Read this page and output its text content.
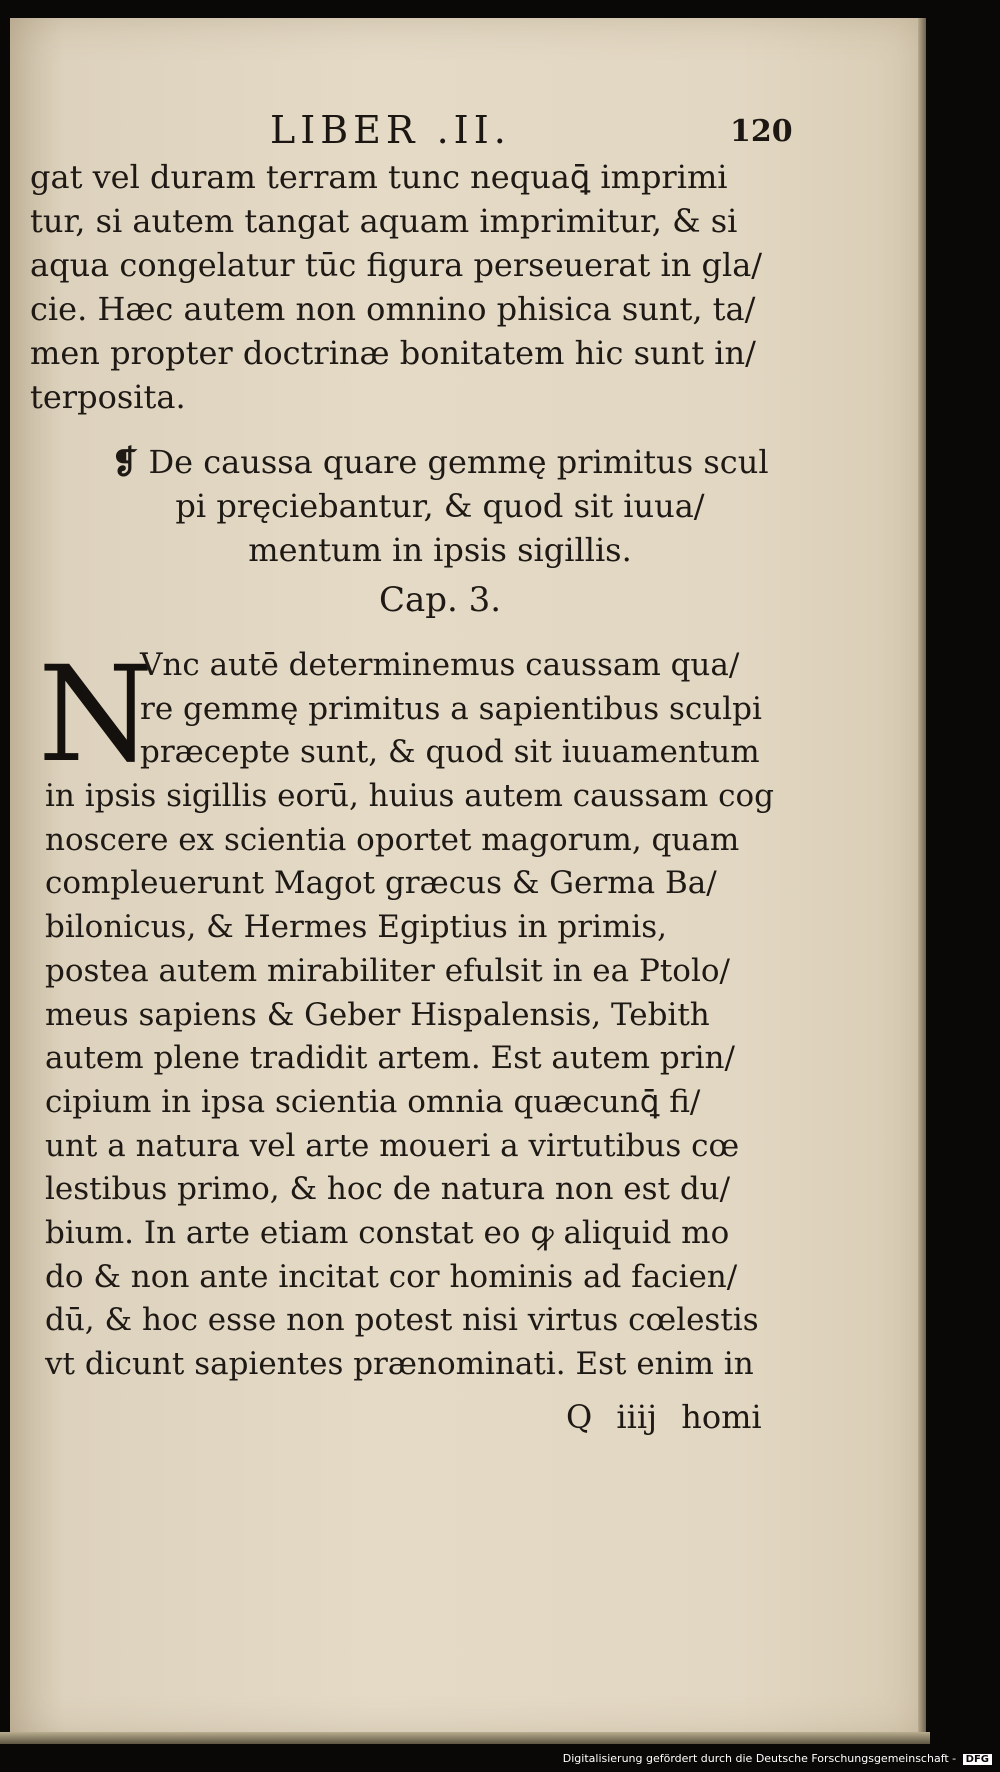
LIBER .II.	120
gat vel duram terram tunc nequaꝗ̄ imprimi
tur, si autem tangat aquam imprimitur, & si
aqua congelatur tūc figura perseuerat in gla/
cie. Hæc autem non omnino phisica sunt, ta/
men propter doctrinæ bonitatem hic sunt in/
terposita.
❡ De caussa quare gemmę primitus scul
pi pręciebantur, & quod sit iuua/
mentum in ipsis sigillis.
Cap. 3.
N
Vnc autē determinemus caussam qua/
re gemmę primitus a sapientibus sculpi
præcepte sunt, & quod sit iuuamentum
in ipsis sigillis eorū, huius autem caussam cog
noscere ex scientia oportet magorum, quam
compleuerunt Magot græcus & Germa Ba/
bilonicus, & Hermes Egiptius in primis,
postea autem mirabiliter efulsit in ea Ptolo/
meus sapiens & Geber Hispalensis, Tebith
autem plene tradidit artem. Est autem prin/
cipium in ipsa scientia omnia quæcunꝗ̄ fi/
unt a natura vel arte moueri a virtutibus cœ
lestibus primo, & hoc de natura non est du/
bium. In arte etiam constat eo ꝙ aliquid mo
do & non ante incitat cor hominis ad facien/
dū, & hoc esse non potest nisi virtus cœlestis
vt dicunt sapientes prænominati. Est enim in
Q iiij homi
Digitalisierung gefördert durch die Deutsche Forschungsgemeinschaft - DFG
